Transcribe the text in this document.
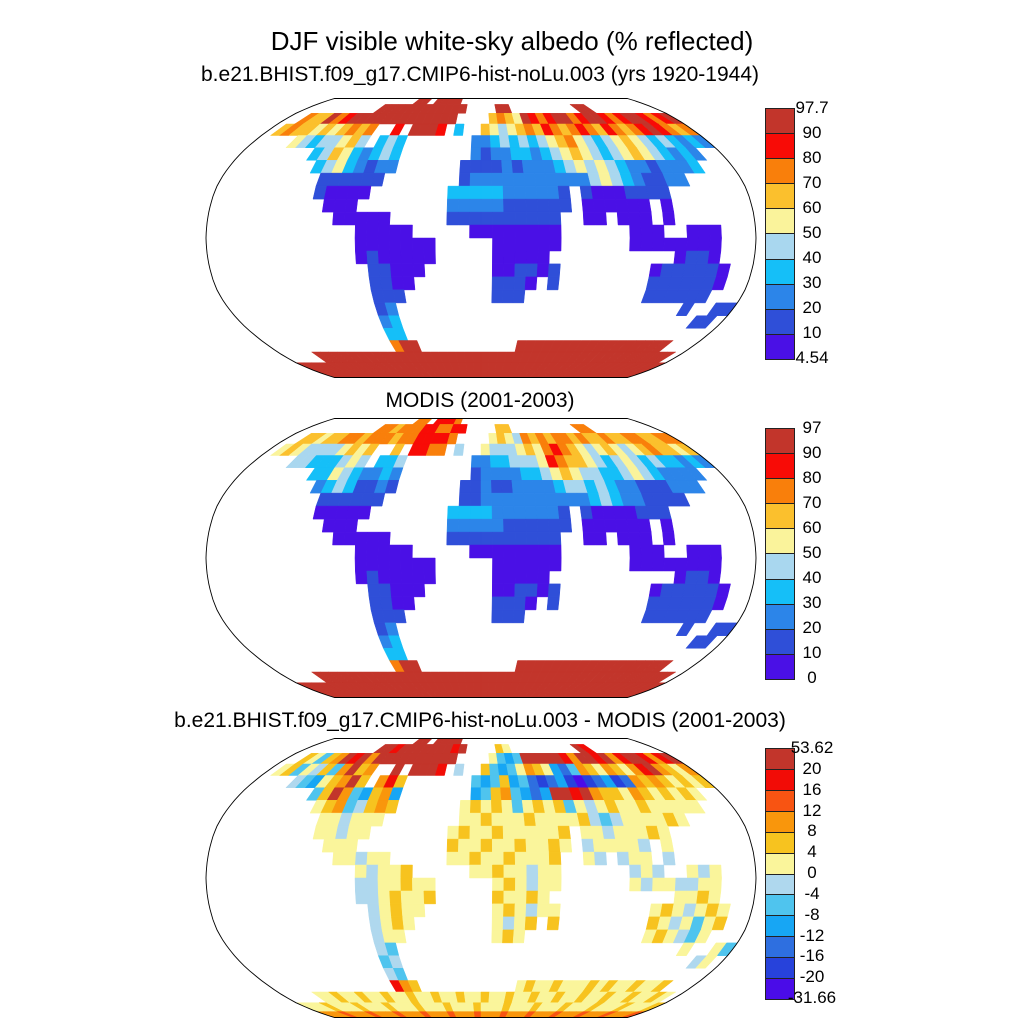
DJF visible white-sky albedo (% reflected)
b.e21.BHIST.f09_g17.CMIP6-hist-noLu.003 (yrs 1920-1944)
97.7
90
80
70
60
50
40
30
20
10
4.54
MODIS (2001-2003)
97
90
80
70
60
50
40
30
20
10
0
b.e21.BHIST.f09_g17.CMIP6-hist-noLu.003 - MODIS (2001-2003)
53.62
20
16
12
8
4
0
-4
-8
-12
-16
-20
-31.66
